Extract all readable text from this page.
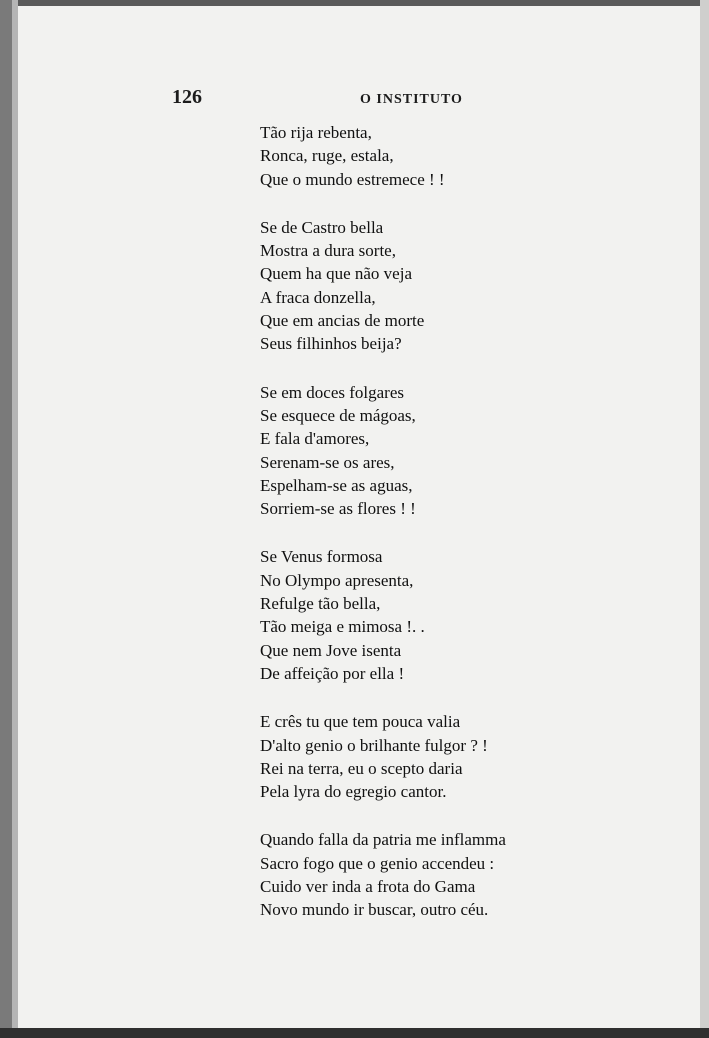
126	O INSTITUTO
Tão rija rebenta,
Ronca, ruge, estala,
Que o mundo estremece ! !
Se de Castro bella
Mostra a dura sorte,
Quem ha que não veja
A fraca donzella,
Que em ancias de morte
Seus filhinhos beija?
Se em doces folgares
Se esquece de mágoas,
E fala d'amores,
Serenam-se os ares,
Espelham-se as aguas,
Sorriem-se as flores ! !
Se Venus formosa
No Olympo apresenta,
Refulge tão bella,
Tão meiga e mimosa !. .
Que nem Jove isenta
De affeição por ella !
E crês tu que tem pouca valia
D'alto genio o brilhante fulgor ? !
Rei na terra, eu o scepto daria
Pela lyra do egregio cantor.
Quando falla da patria me inflamma
Sacro fogo que o genio accendeu :
Cuido ver inda a frota do Gama
Novo mundo ir buscar, outro céu.
